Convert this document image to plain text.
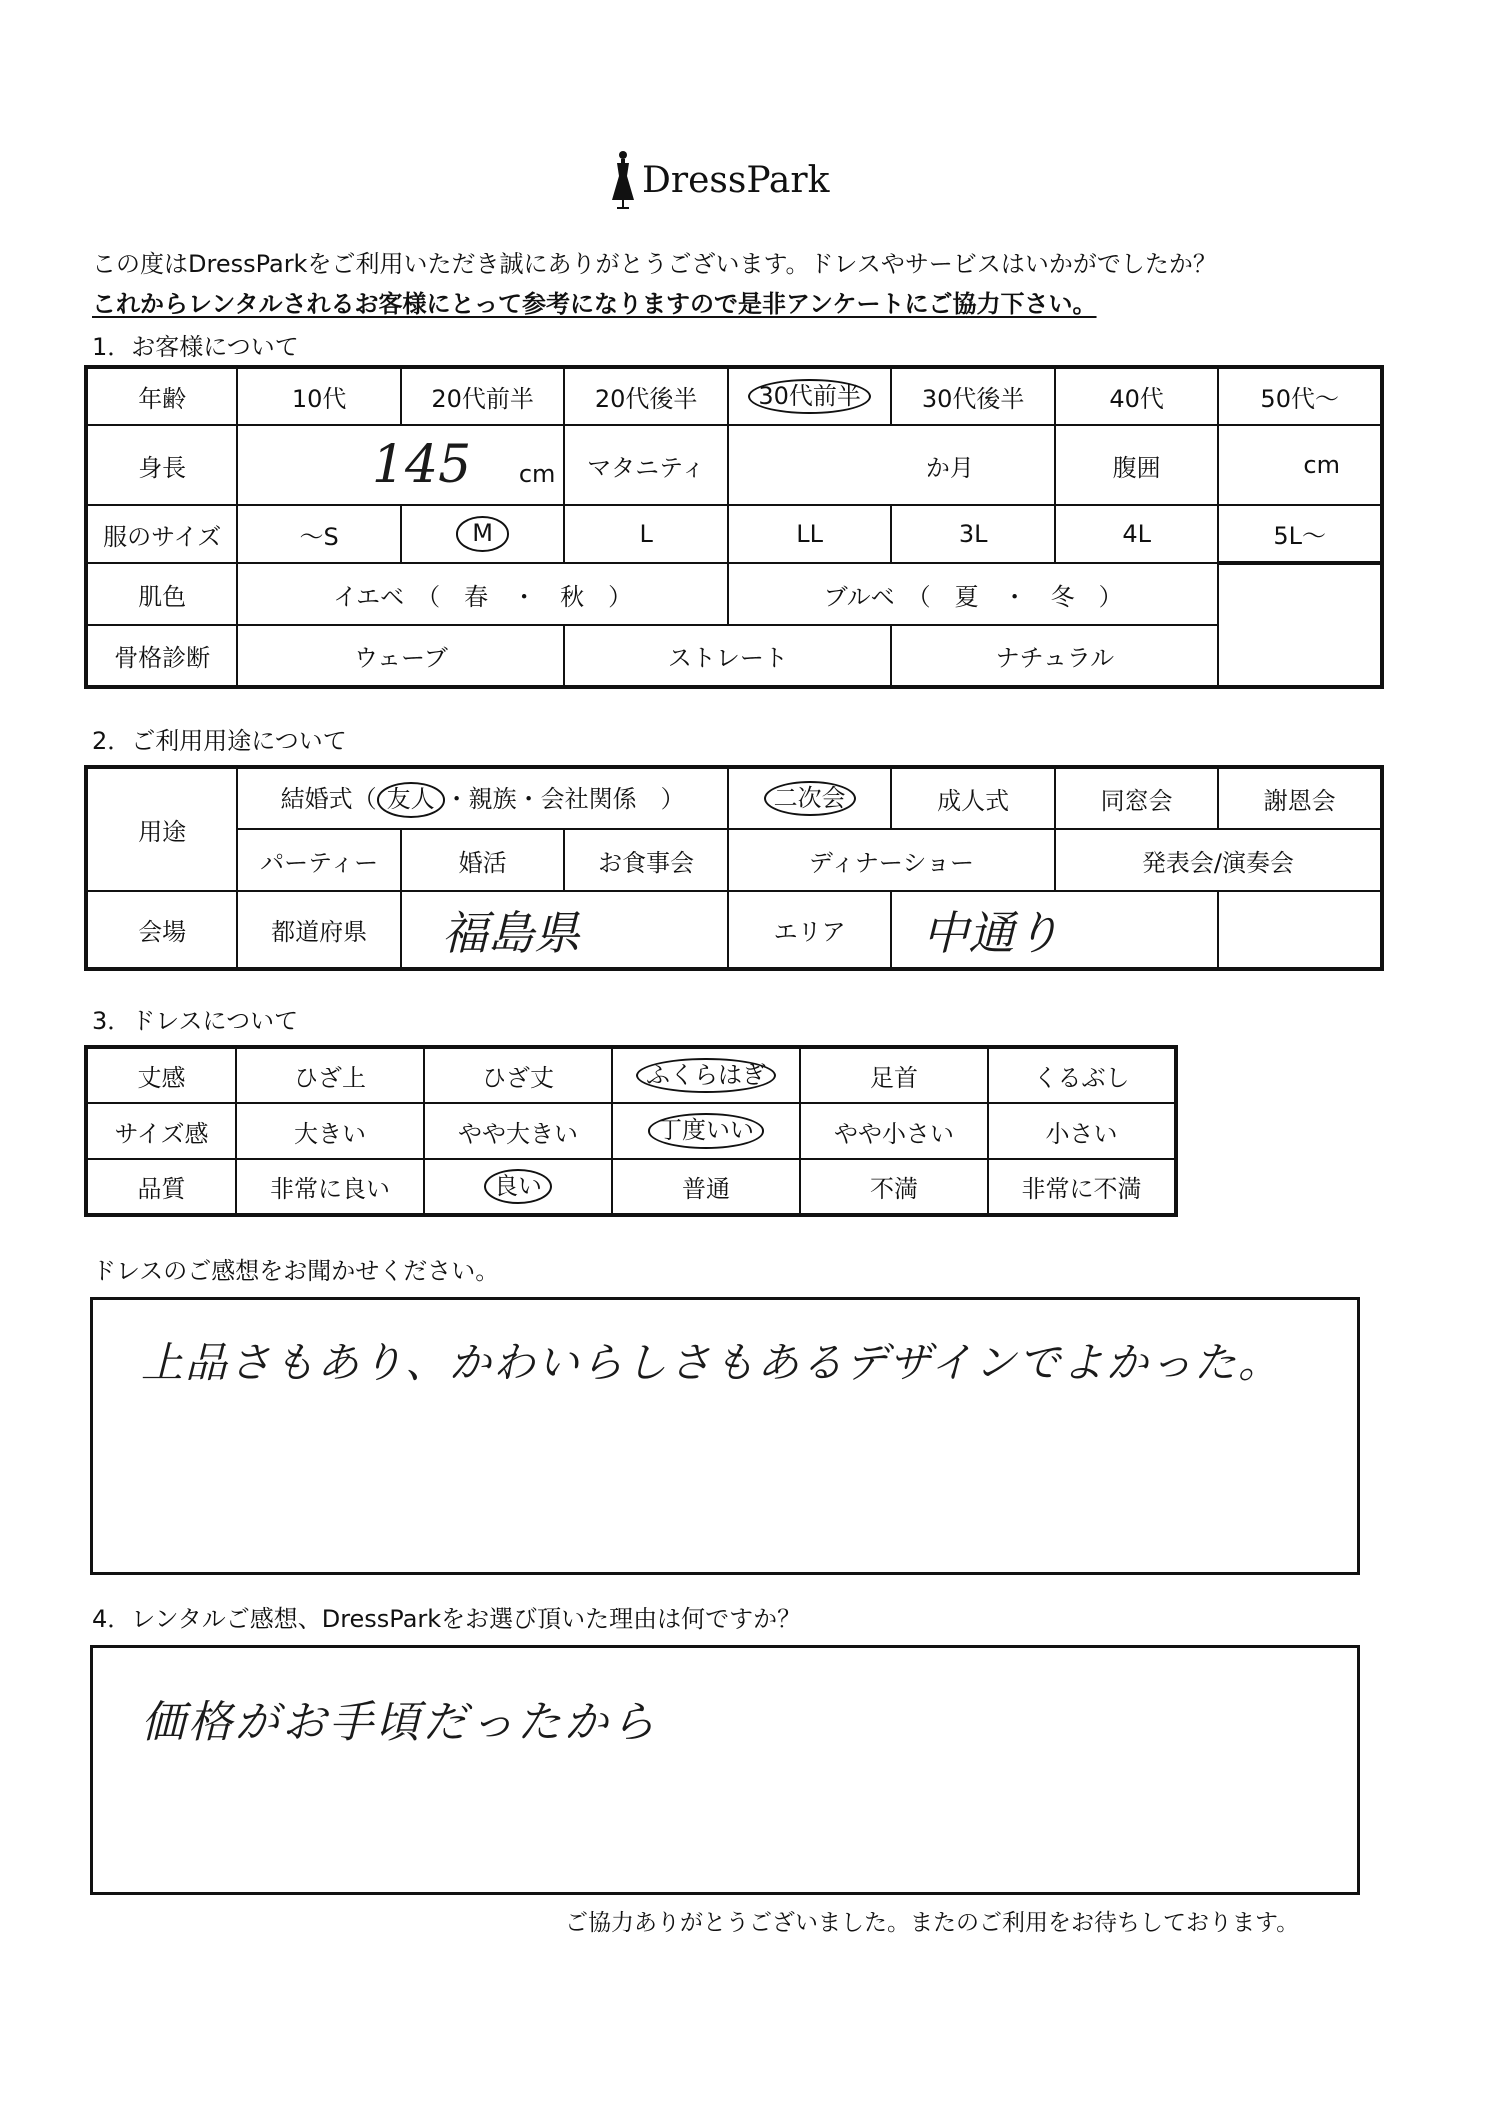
DressPark
この度はDressParkをご利用いただき誠にありがとうございます。ドレスやサービスはいかがでしたか？
これからレンタルされるお客様にとって参考になりますので是非アンケートにご協力下さい。
1．お客様について
年齢	10代	20代前半	20代後半	30代前半	30代後半	40代	50代～
身長	145 cm		マタニティ	か月		腹囲	cm
服のサイズ	～S	M	L	LL	3L	4L	5L～
肌色	イエベ　（　春　・　秋　）			ブルベ　（　夏　・　冬　）			
骨格診断	ウェーブ		ストレート		ナチュラル		
2．ご利用用途について
用途	結婚式（ 友人 ・親族・会社関係　）			二次会	成人式	同窓会	謝恩会
	パーティー	婚活	お食事会	ディナーショー		発表会/演奏会	
会場	都道府県	福島県		エリア	中通り		
3．ドレスについて
丈感	ひざ上	ひざ丈	ふくらはぎ	足首	くるぶし
サイズ感	大きい	やや大きい	丁度いい	やや小さい	小さい
品質	非常に良い	良い	普通	不満	非常に不満
ドレスのご感想をお聞かせください。
上品さもあり、かわいらしさもあるデザインでよかった。
4．レンタルご感想、DressParkをお選び頂いた理由は何ですか？
価格がお手頃だったから
ご協力ありがとうございました。またのご利用をお待ちしております。
